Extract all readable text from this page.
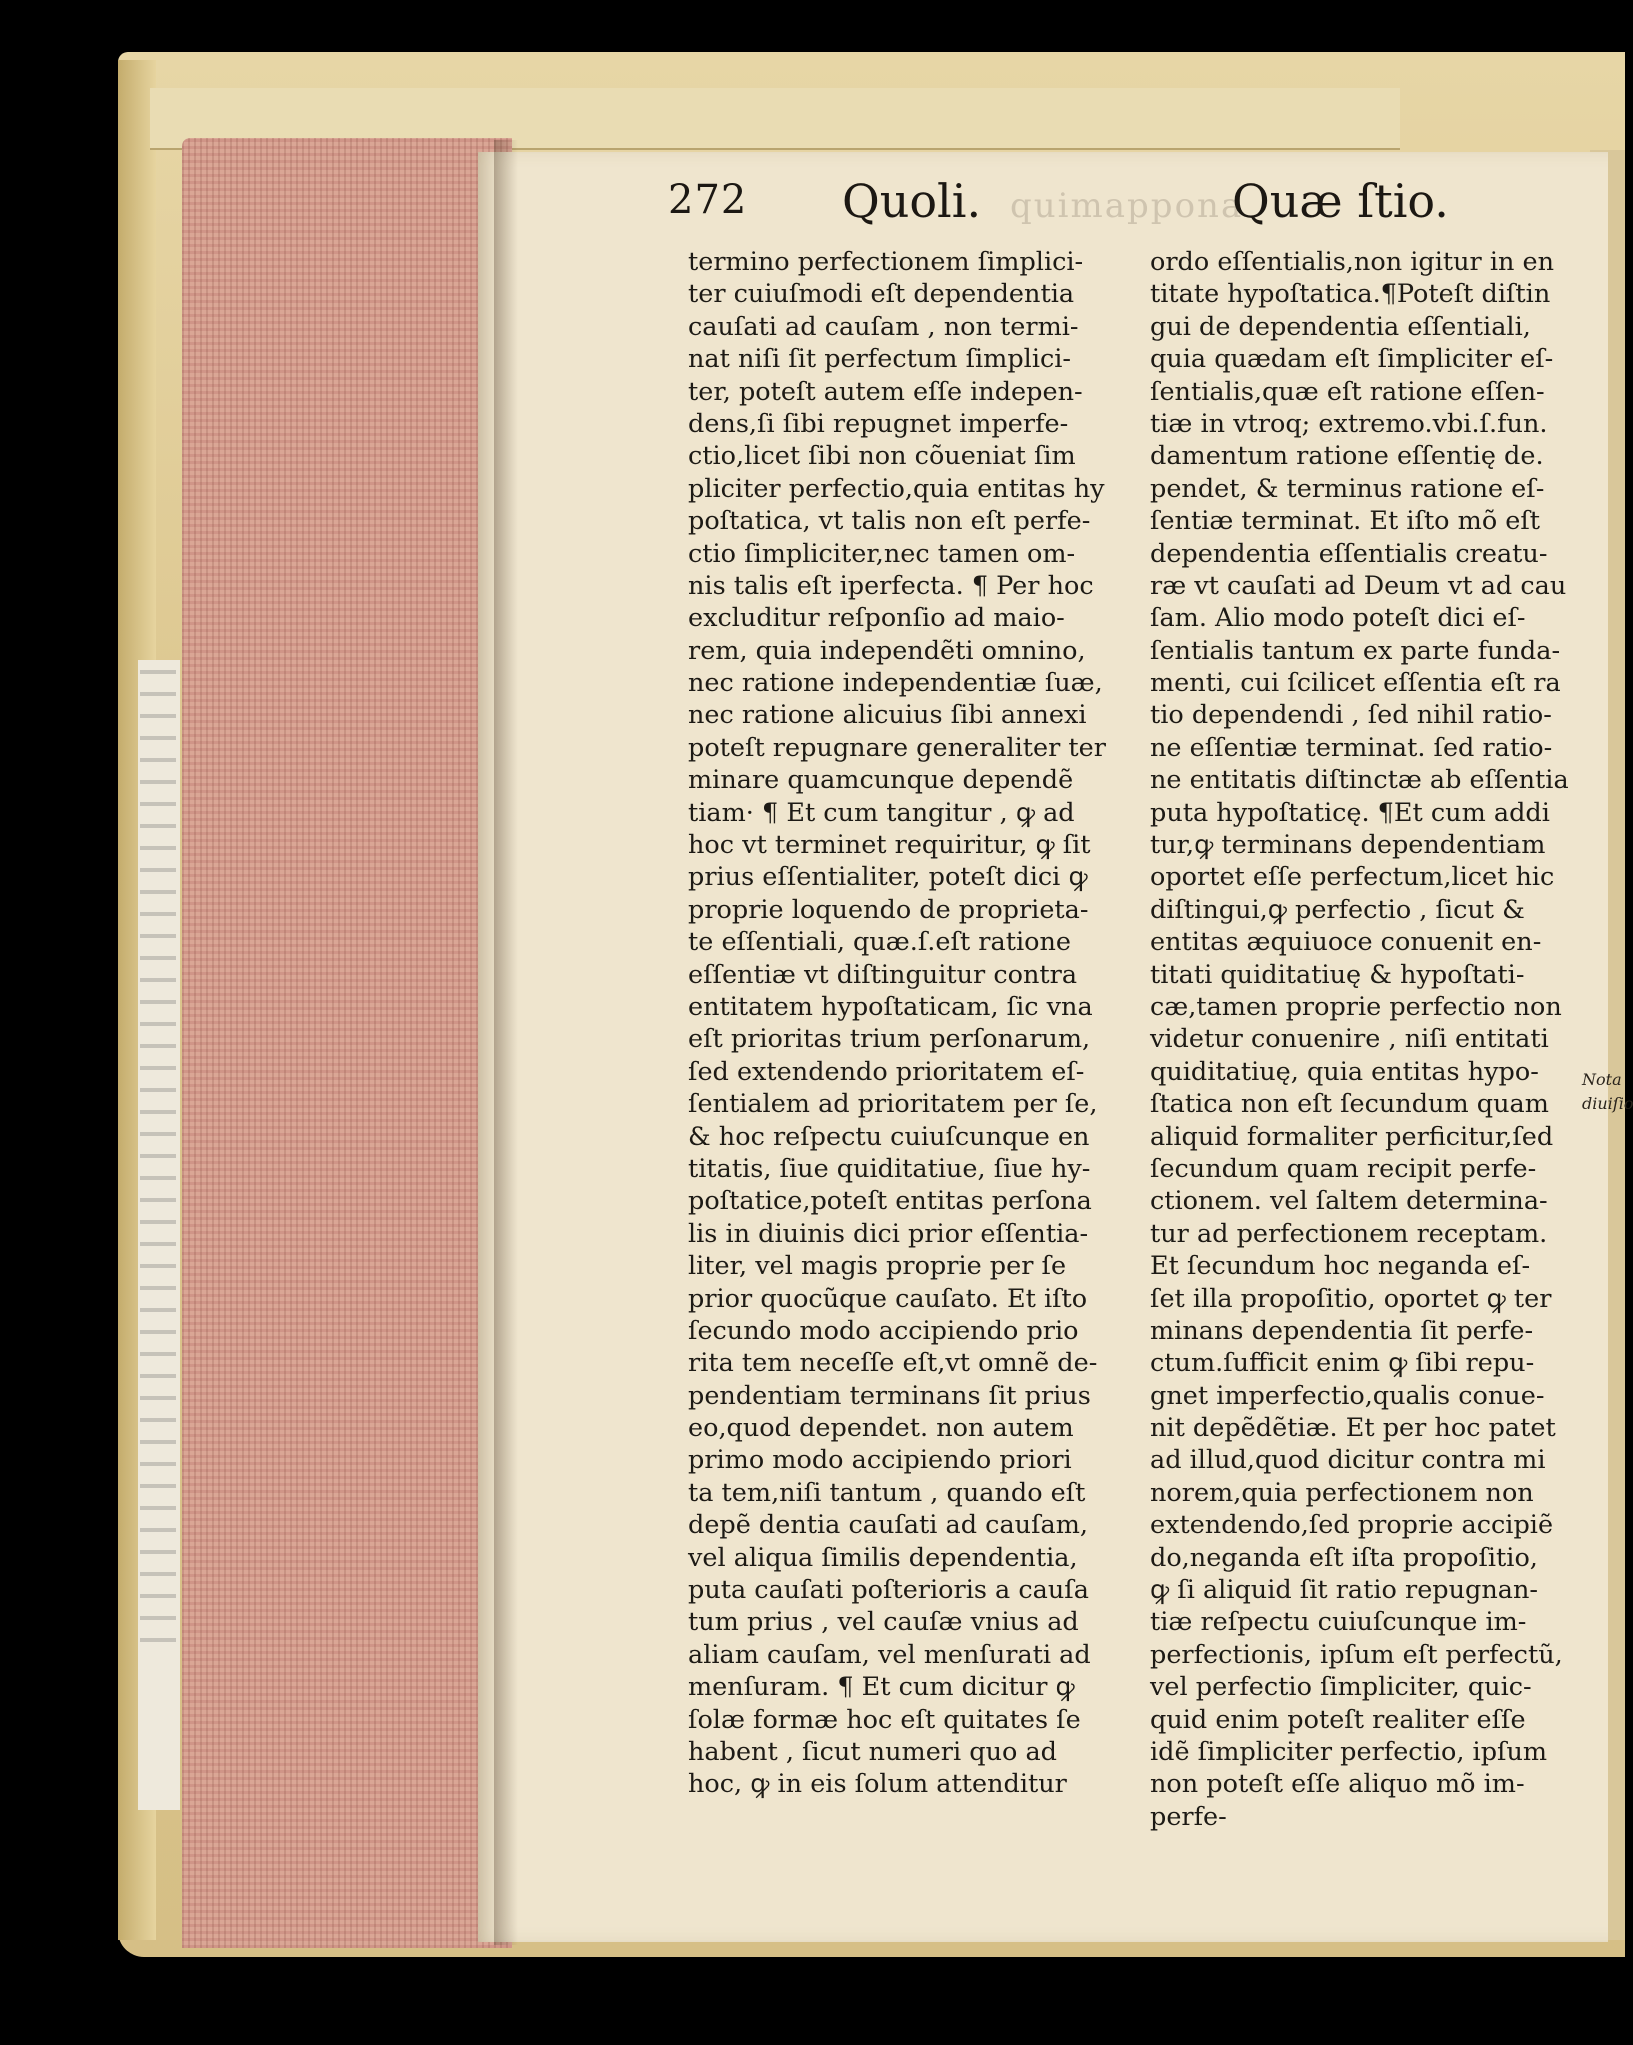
272 Quoli. quimappona
Quæ ſtio.
termino perfectionem ſimplici-
ter cuiuſmodi eſt dependentia
cauſati ad cauſam , non termi-
nat niſi ſit perfectum ſimplici-
ter, poteſt autem eſſe indepen-
dens,ſi ſibi repugnet imperfe-
ctio,licet ſibi non cõueniat ſim
pliciter perfectio,quia entitas hy
poſtatica, vt talis non eſt perfe-
ctio ſimpliciter,nec tamen om-
nis talis eſt iperfecta. ¶ Per hoc
excluditur reſponſio ad maio-
rem, quia independẽti omnino,
nec ratione independentiæ ſuæ,
nec ratione alicuius ſibi annexi
poteſt repugnare generaliter ter
minare quamcunque dependẽ
tiam· ¶ Et cum tangitur , ꝙ ad
hoc vt terminet requiritur, ꝙ ſit
prius eſſentialiter, poteſt dici ꝙ
proprie loquendo de proprieta-
te eſſentiali, quæ.ſ.eſt ratione
eſſentiæ vt diſtinguitur contra
entitatem hypoſtaticam, ſic vna
eſt prioritas trium perſonarum,
ſed extendendo prioritatem eſ-
ſentialem ad prioritatem per ſe,
& hoc reſpectu cuiuſcunque en
titatis, ſiue quiditatiue, ſiue hy-
poſtatice,poteſt entitas perſona
lis in diuinis dici prior eſſentia-
liter, vel magis proprie per ſe
prior quocũque cauſato. Et iſto
ſecundo modo accipiendo prio
rita tem neceſſe eſt,vt omnẽ de-
pendentiam terminans ſit prius
eo,quod dependet. non autem
primo modo accipiendo priori
ta tem,niſi tantum , quando eſt
depẽ dentia cauſati ad cauſam,
vel aliqua ſimilis dependentia,
puta cauſati poſterioris a cauſa
tum prius , vel cauſæ vnius ad
aliam cauſam, vel menſurati ad
menſuram. ¶ Et cum dicitur ꝙ
ſolæ formæ hoc eſt quitates ſe
habent , ſicut numeri quo ad
hoc, ꝙ in eis ſolum attenditur
ordo eſſentialis,non igitur in en
titate hypoſtatica.¶Poteſt diſtin
gui de dependentia eſſentiali,
quia quædam eſt ſimpliciter eſ-
ſentialis,quæ eſt ratione eſſen-
tiæ in vtroq; extremo.vbi.ſ.fun.
damentum ratione eſſentię de.
pendet, & terminus ratione eſ-
ſentiæ terminat. Et iſto mõ eſt
dependentia eſſentialis creatu-
ræ vt cauſati ad Deum vt ad cau
ſam. Alio modo poteſt dici eſ-
ſentialis tantum ex parte funda-
menti, cui ſcilicet eſſentia eſt ra
tio dependendi , ſed nihil ratio-
ne eſſentiæ terminat. ſed ratio-
ne entitatis diſtinctæ ab eſſentia
puta hypoſtaticę. ¶Et cum addi
tur,ꝙ terminans dependentiam
oportet eſſe perfectum,licet hic
diſtingui,ꝙ perfectio , ſicut &
entitas æquiuoce conuenit en-
titati quiditatiuę & hypoſtati-
cæ,tamen proprie perfectio non
videtur conuenire , niſi entitati
quiditatiuę, quia entitas hypo-
ſtatica non eſt ſecundum quam
aliquid formaliter perficitur,ſed
ſecundum quam recipit perfe-
ctionem. vel ſaltem determina-
tur ad perfectionem receptam.
Et ſecundum hoc neganda eſ-
ſet illa propoſitio, oportet ꝙ ter
minans dependentia ſit perfe-
ctum.ſufficit enim ꝙ ſibi repu-
gnet imperfectio,qualis conue-
nit depẽdẽtiæ. Et per hoc patet
ad illud,quod dicitur contra mi
norem,quia perfectionem non
extendendo,ſed proprie accipiẽ
do,neganda eſt iſta propoſitio,
ꝙ ſi aliquid ſit ratio repugnan-
tiæ reſpectu cuiuſcunque im-
perfectionis, ipſum eſt perfectũ,
vel perfectio ſimpliciter, quic-
quid enim poteſt realiter eſſe
idẽ ſimpliciter perfectio, ipſum
non poteſt eſſe aliquo mõ im-
perfe-
Nota
diuiſio
